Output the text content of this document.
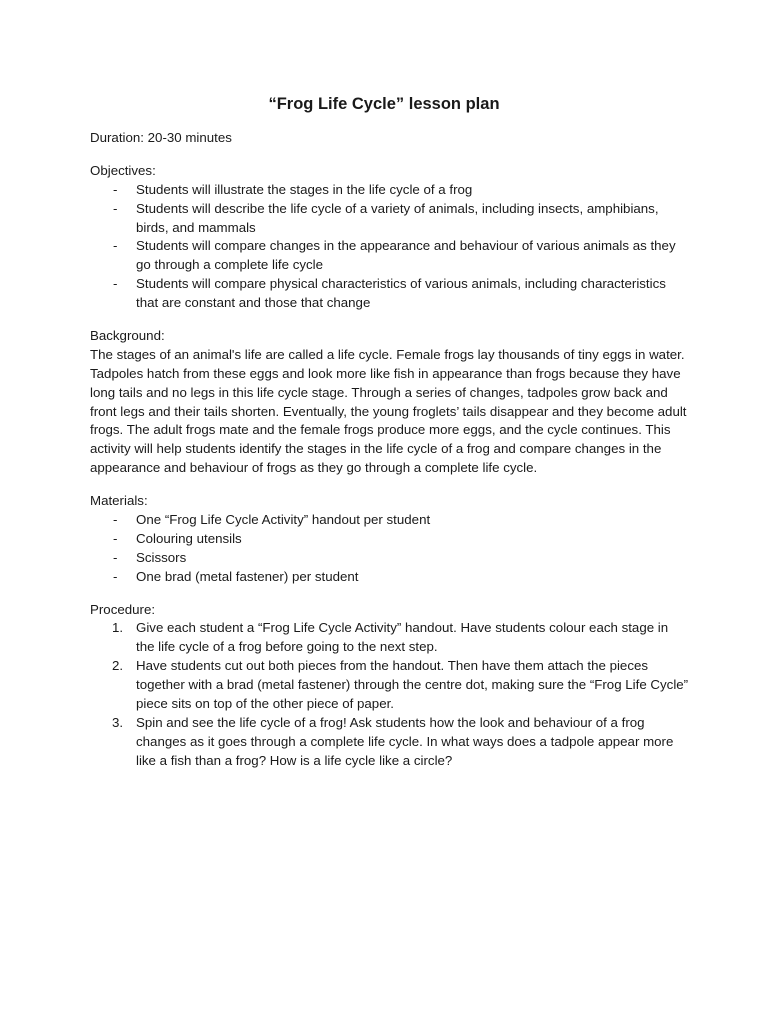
“Frog Life Cycle” lesson plan

Duration: 20-30 minutes

Objectives:

- Students will illustrate the stages in the life cycle of a frog
- Students will describe the life cycle of a variety of animals, including insects, amphibians, birds, and mammals
- Students will compare changes in the appearance and behaviour of various animals as they go through a complete life cycle
- Students will compare physical characteristics of various animals, including characteristics that are constant and those that change

Background:

The stages of an animal's life are called a life cycle. Female frogs lay thousands of tiny eggs in water. Tadpoles hatch from these eggs and look more like fish in appearance than frogs because they have long tails and no legs in this life cycle stage. Through a series of changes, tadpoles grow back and front legs and their tails shorten. Eventually, the young froglets’ tails disappear and they become adult frogs. The adult frogs mate and the female frogs produce more eggs, and the cycle continues. This activity will help students identify the stages in the life cycle of a frog and compare changes in the appearance and behaviour of frogs as they go through a complete life cycle.

Materials:

- One “Frog Life Cycle Activity” handout per student
- Colouring utensils
- Scissors
- One brad (metal fastener) per student

Procedure:

1. Give each student a “Frog Life Cycle Activity” handout. Have students colour each stage in the life cycle of a frog before going to the next step.
2. Have students cut out both pieces from the handout. Then have them attach the pieces together with a brad (metal fastener) through the centre dot, making sure the “Frog Life Cycle” piece sits on top of the other piece of paper.
3. Spin and see the life cycle of a frog! Ask students how the look and behaviour of a frog changes as it goes through a complete life cycle. In what ways does a tadpole appear more like a fish than a frog? How is a life cycle like a circle?
